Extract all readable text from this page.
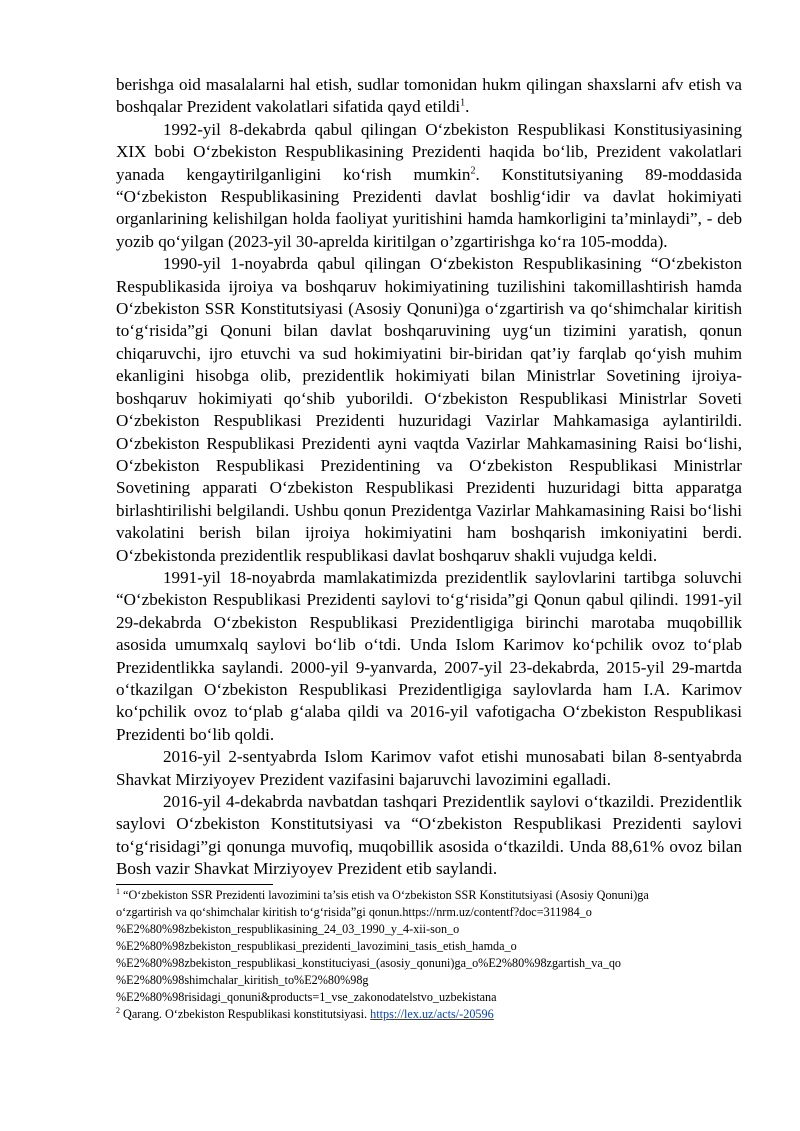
berishga oid masalalarni hal etish, sudlar tomonidan hukm qilingan shaxslarni afv etish va boshqalar Prezident vakolatlari sifatida qayd etildi$^1$.

1992-yil 8-dekabrda qabul qilingan O‘zbekiston Respublikasi Konstitusiyasining XIX bobi O‘zbekiston Respublikasining Prezidenti haqida bo‘lib, Prezident vakolatlari yanada kengaytirilganligini ko‘rish mumkin$^2$. Konstitutsiyaning 89-moddasida “O‘zbekiston Respublikasining Prezidenti davlat boshlig‘idir va davlat hokimiyati organlarining kelishilgan holda faoliyat yuritishini hamda hamkorligini ta’minlaydi”, - deb yozib qo‘yilgan (2023-yil 30-aprelda kiritilgan o’zgartirishga ko‘ra 105-modda).

1990-yil 1-noyabrda qabul qilingan O‘zbekiston Respublikasining “O‘zbekiston Respublikasida ijroiya va boshqaruv hokimiyatining tuzilishini takomillashtirish hamda O‘zbekiston SSR Konstitutsiyasi (Asosiy Qonuni)ga o‘zgartirish va qo‘shimchalar kiritish to‘g‘risida”gi Qonuni bilan davlat boshqaruvining uyg‘un tizimini yaratish, qonun chiqaruvchi, ijro etuvchi va sud hokimiyatini bir-biridan qat’iy farqlab qo‘yish muhim ekanligini hisobga olib, prezidentlik hokimiyati bilan Ministrlar Sovetining ijroiya-boshqaruv hokimiyati qo‘shib yuborildi. O‘zbekiston Respublikasi Ministrlar Soveti O‘zbekiston Respublikasi Prezidenti huzuridagi Vazirlar Mahkamasiga aylantirildi. O‘zbekiston Respublikasi Prezidenti ayni vaqtda Vazirlar Mahkamasining Raisi bo‘lishi, O‘zbekiston Respublikasi Prezidentining va O‘zbekiston Respublikasi Ministrlar Sovetining apparati O‘zbekiston Respublikasi Prezidenti huzuridagi bitta apparatga birlashtirilishi belgilandi. Ushbu qonun Prezidentga Vazirlar Mahkamasining Raisi bo‘lishi vakolatini berish bilan ijroiya hokimiyatini ham boshqarish imkoniyatini berdi. O‘zbekistonda prezidentlik respublikasi davlat boshqaruv shakli vujudga keldi.

1991-yil 18-noyabrda mamlakatimizda prezidentlik saylovlarini tartibga soluvchi “O‘zbekiston Respublikasi Prezidenti saylovi to‘g‘risida”gi Qonun qabul qilindi. 1991-yil 29-dekabrda O‘zbekiston Respublikasi Prezidentligiga birinchi marotaba muqobillik asosida umumxalq saylovi bo‘lib o‘tdi. Unda Islom Karimov ko‘pchilik ovoz to‘plab Prezidentlikka saylandi. 2000-yil 9-yanvarda, 2007-yil 23-dekabrda, 2015-yil 29-martda o‘tkazilgan O‘zbekiston Respublikasi Prezidentligiga saylovlarda ham I.A. Karimov ko‘pchilik ovoz to‘plab g‘alaba qildi va 2016-yil vafotigacha O‘zbekiston Respublikasi Prezidenti bo‘lib qoldi.

2016-yil 2-sentyabrda Islom Karimov vafot etishi munosabati bilan 8-sentyabrda Shavkat Mirziyoyev Prezident vazifasini bajaruvchi lavozimini egalladi.

2016-yil 4-dekabrda navbatdan tashqari Prezidentlik saylovi o‘tkazildi. Prezidentlik saylovi O‘zbekiston Konstitutsiyasi va “O‘zbekiston Respublikasi Prezidenti saylovi to‘g‘risidagi”gi qonunga muvofiq, muqobillik asosida o‘tkazildi. Unda 88,61% ovoz bilan Bosh vazir Shavkat Mirziyoyev Prezident etib saylandi.

$^1$ “O‘zbekiston SSR Prezidenti lavozimini ta’sis etish va O‘zbekiston SSR Konstitutsiyasi (Asosiy Qonuni)ga
o‘zgartirish va qo‘shimchalar kiritish to‘g‘risida”gi qonun.https://nrm.uz/contentf?doc=311984_o
%E2%80%98zbekiston_respublikasining_24_03_1990_y_4-xii-son_o
%E2%80%98zbekiston_respublikasi_prezidenti_lavozimini_tasis_etish_hamda_o
%E2%80%98zbekiston_respublikasi_konstituciyasi_(asosiy_qonuni)ga_o%E2%80%98zgartish_va_qo
%E2%80%98shimchalar_kiritish_to%E2%80%98g
%E2%80%98risidagi_qonuni&products=1_vse_zakonodatelstvo_uzbekistana
$^2$ Qarang. O‘zbekiston Respublikasi konstitutsiyasi. https://lex.uz/acts/-20596
